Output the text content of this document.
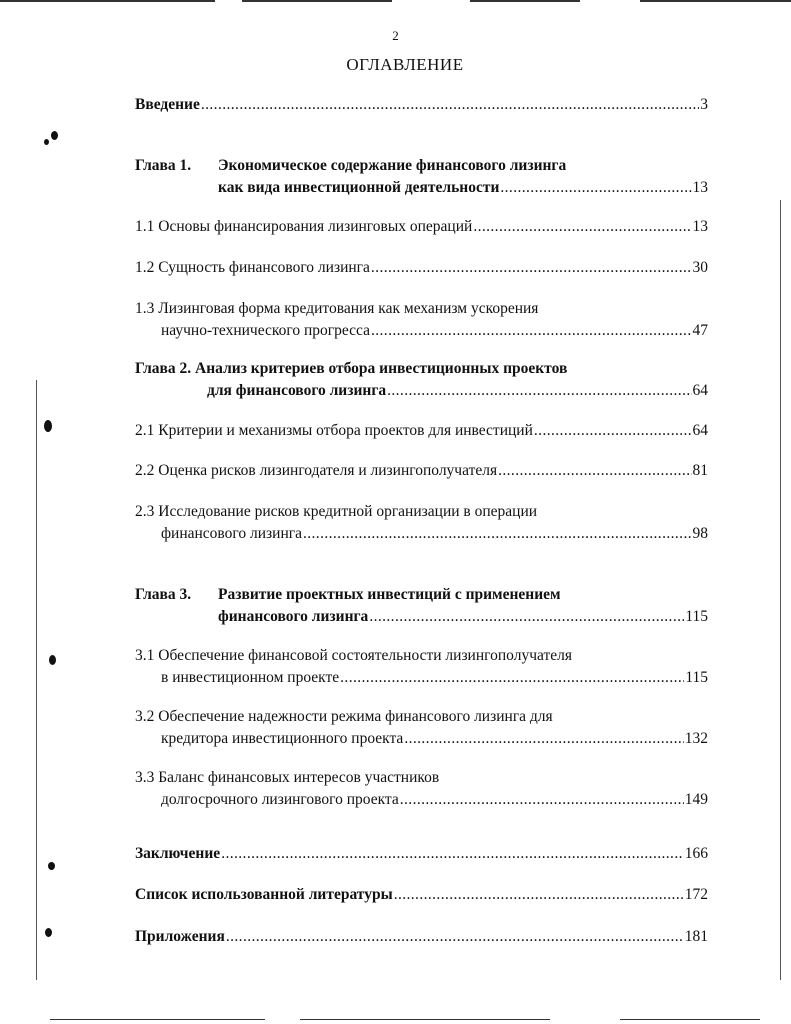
2
ОГЛАВЛЕНИЕ
Введение .....	3
Глава 1.	Экономическое содержание финансового лизинга
как вида инвестиционной деятельности .....	13
1.1 Основы финансирования лизинговых операций .....	13
1.2 Сущность финансового лизинга .....	30
1.3 Лизинговая форма кредитования как механизм ускорения
научно-технического прогресса .....	47
Глава 2. Анализ критериев отбора инвестиционных проектов
для финансового лизинга .....	64
2.1 Критерии и механизмы отбора проектов для инвестиций .....	64
2.2 Оценка рисков лизингодателя и лизингополучателя .....	81
2.3 Исследование рисков кредитной организации в операции
финансового лизинга .....	98
Глава 3.	Развитие проектных инвестиций с применением
финансового лизинга .....	115
3.1 Обеспечение финансовой состоятельности лизингополучателя
в инвестиционном проекте .....	115
3.2 Обеспечение надежности режима финансового лизинга для
кредитора инвестиционного проекта .....	132
3.3 Баланс финансовых интересов участников
долгосрочного лизингового проекта .....	149
Заключение .....	166
Список использованной литературы .....	172
Приложения .....	181
